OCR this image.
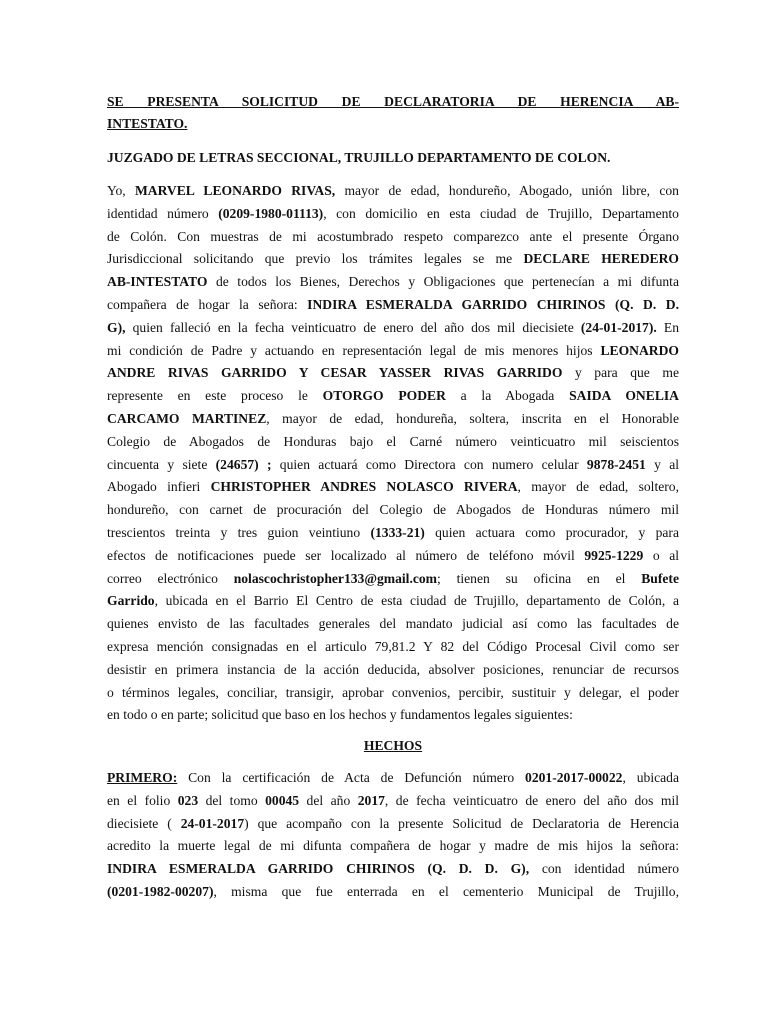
SE PRESENTA SOLICITUD DE DECLARATORIA DE HERENCIA AB-
INTESTATO.
JUZGADO DE LETRAS SECCIONAL, TRUJILLO DEPARTAMENTO DE COLON.
Yo, MARVEL LEONARDO RIVAS, mayor de edad, hondureño, Abogado, unión libre, con
identidad número (0209-1980-01113), con domicilio en esta ciudad de Trujillo, Departamento
de Colón. Con muestras de mi acostumbrado respeto comparezco ante el presente Órgano
Jurisdiccional solicitando que previo los trámites legales se me DECLARE HEREDERO
AB-INTESTATO de todos los Bienes, Derechos y Obligaciones que pertenecían a mi difunta
compañera de hogar la señora: INDIRA ESMERALDA GARRIDO CHIRINOS (Q. D. D.
G), quien falleció en la fecha veinticuatro de enero del año dos mil diecisiete (24-01-2017). En
mi condición de Padre y actuando en representación legal de mis menores hijos LEONARDO
ANDRE RIVAS GARRIDO Y CESAR YASSER RIVAS GARRIDO y para que me
represente en este proceso le OTORGO PODER a la Abogada SAIDA ONELIA
CARCAMO MARTINEZ, mayor de edad, hondureña, soltera, inscrita en el Honorable
Colegio de Abogados de Honduras bajo el Carné número veinticuatro mil seiscientos
cincuenta y siete (24657) ; quien actuará como Directora con numero celular 9878-2451 y al
Abogado infieri CHRISTOPHER ANDRES NOLASCO RIVERA, mayor de edad, soltero,
hondureño, con carnet de procuración del Colegio de Abogados de Honduras número mil
trescientos treinta y tres guion veintiuno (1333-21) quien actuara como procurador, y para
efectos de notificaciones puede ser localizado al número de teléfono móvil 9925-1229 o al
correo electrónico nolascochristopher133@gmail.com; tienen su oficina en el Bufete
Garrido, ubicada en el Barrio El Centro de esta ciudad de Trujillo, departamento de Colón, a
quienes envisto de las facultades generales del mandato judicial así como las facultades de
expresa mención consignadas en el articulo 79,81.2 Y 82 del Código Procesal Civil como ser
desistir en primera instancia de la acción deducida, absolver posiciones, renunciar de recursos
o términos legales, conciliar, transigir, aprobar convenios, percibir, sustituir y delegar, el poder
en todo o en parte; solicitud que baso en los hechos y fundamentos legales siguientes:
HECHOS
PRIMERO: Con la certificación de Acta de Defunción número 0201-2017-00022, ubicada
en el folio 023 del tomo 00045 del año 2017, de fecha veinticuatro de enero del año dos mil
diecisiete ( 24-01-2017) que acompaño con la presente Solicitud de Declaratoria de Herencia
acredito la muerte legal de mi difunta compañera de hogar y madre de mis hijos la señora:
INDIRA ESMERALDA GARRIDO CHIRINOS (Q. D. D. G), con identidad número
(0201-1982-00207), misma que fue enterrada en el cementerio Municipal de Trujillo,
